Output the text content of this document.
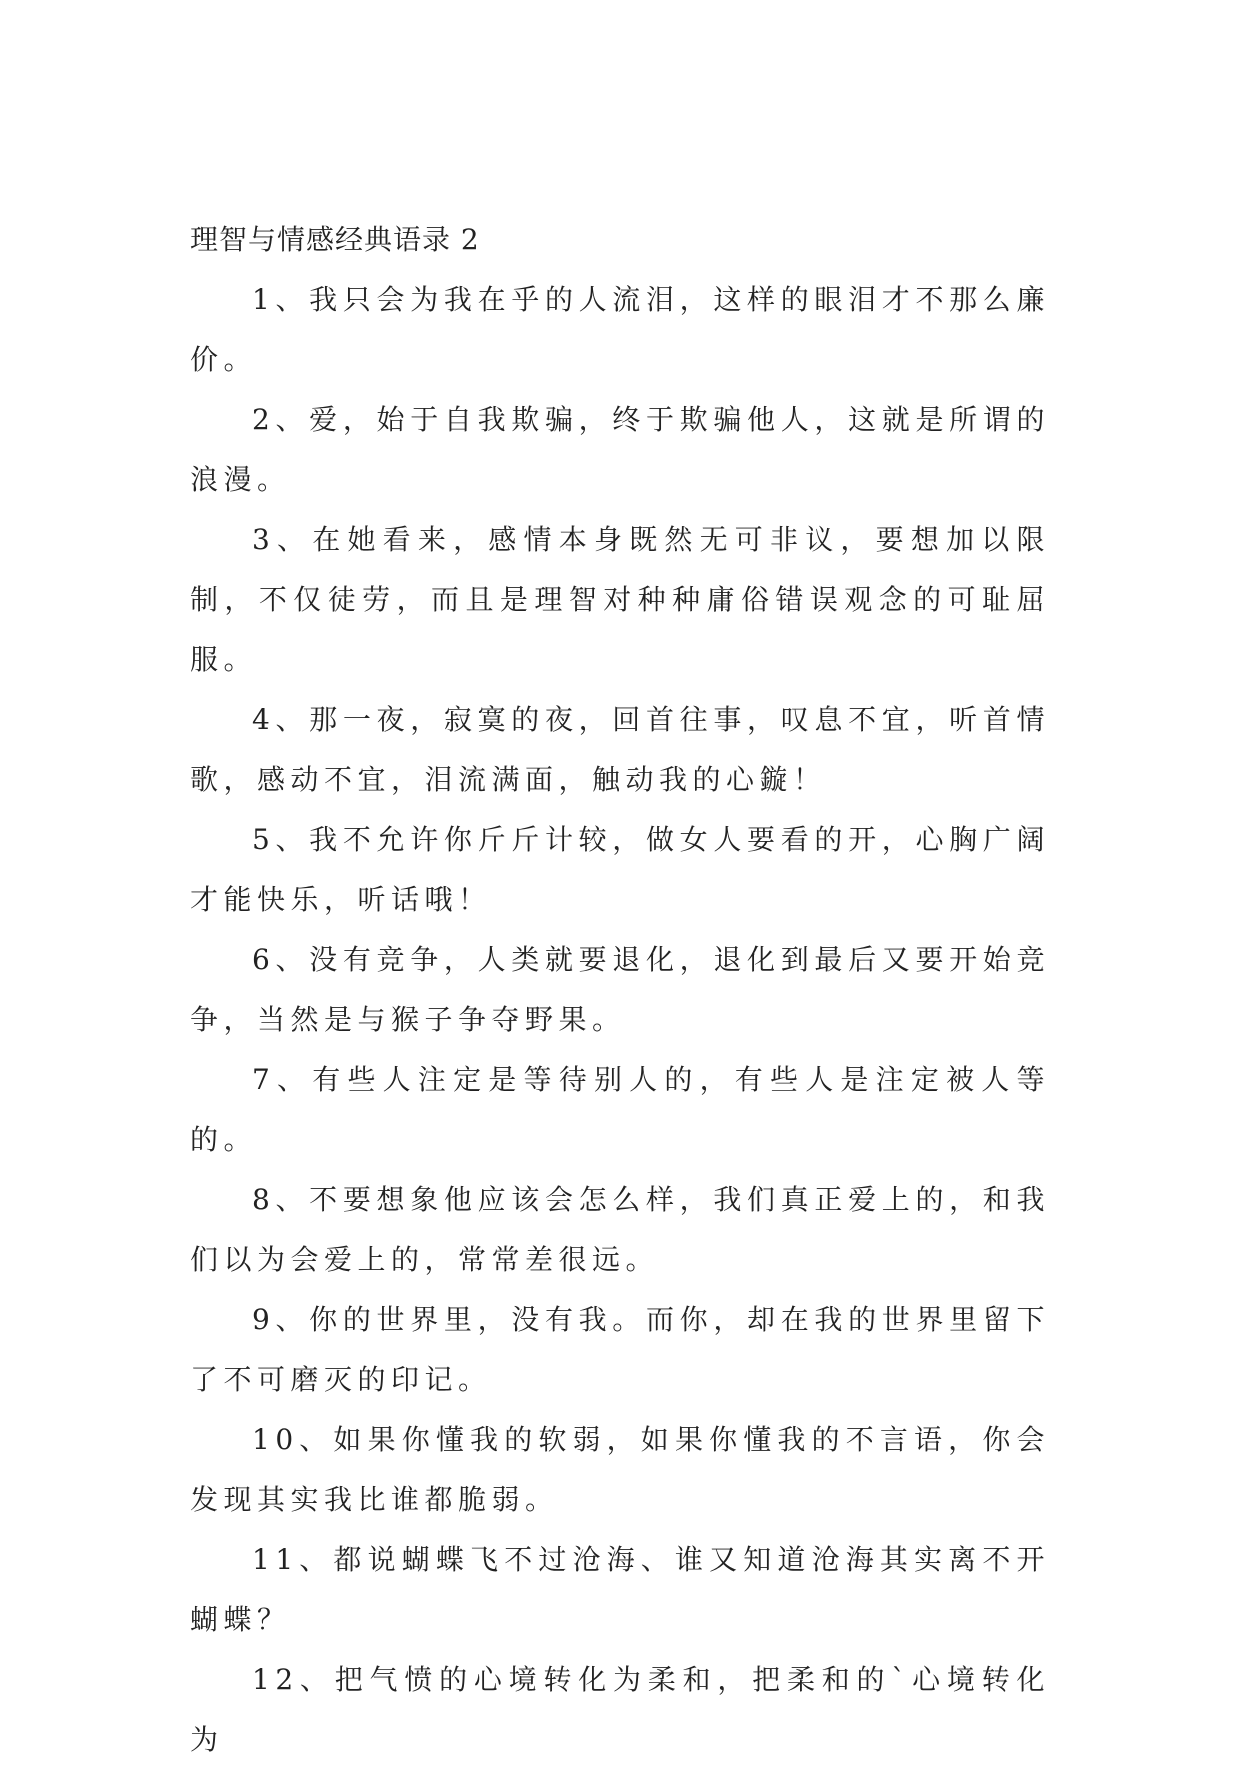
理智与情感经典语录 2

1、我只会为我在乎的人流泪，这样的眼泪才不那么廉价。

2、爱，始于自我欺骗，终于欺骗他人，这就是所谓的浪漫。

3、在她看来，感情本身既然无可非议，要想加以限制，不仅徒劳，而且是理智对种种庸俗错误观念的可耻屈服。

4、那一夜，寂寞的夜，回首往事，叹息不宜，听首情歌，感动不宜，泪流满面，触动我的心鏇！

5、我不允许你斤斤计较，做女人要看的开，心胸广阔才能快乐，听话哦！

6、没有竞争，人类就要退化，退化到最后又要开始竞争，当然是与猴子争夺野果。

7、有些人注定是等待别人的，有些人是注定被人等的。

8、不要想象他应该会怎么样，我们真正爱上的，和我们以为会爱上的，常常差很远。

9、你的世界里，没有我。而你，却在我的世界里留下了不可磨灭的印记。

10、如果你懂我的软弱，如果你懂我的不言语，你会发现其实我比谁都脆弱。

11、都说蝴蝶飞不过沧海、谁又知道沧海其实离不开蝴蝶？

12、把气愤的心境转化为柔和，把柔和的`心境转化为
